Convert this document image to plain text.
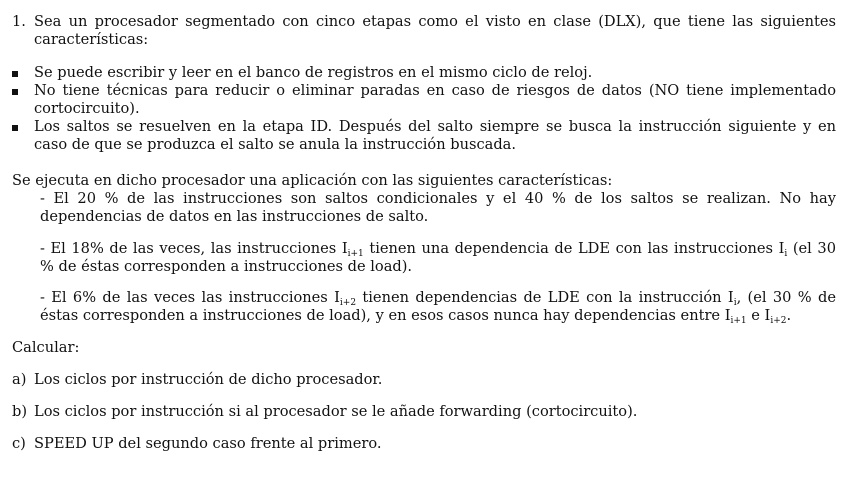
1. Sea un procesador segmentado con cinco etapas como el visto en clase (DLX), que tiene las siguientes características:
Se puede escribir y leer en el banco de registros en el mismo ciclo de reloj.
No tiene técnicas para reducir o eliminar paradas en caso de riesgos de datos (NO tiene implementado cortocircuito).
Los saltos se resuelven en la etapa ID. Después del salto siempre se busca la instrucción siguiente y en caso de que se produzca el salto se anula la instrucción buscada.
Se ejecuta en dicho procesador una aplicación con las siguientes características:
- El 20 % de las instrucciones son saltos condicionales y el 40 % de los saltos se realizan. No hay dependencias de datos en las instrucciones de salto.
- El 18% de las veces, las instrucciones $I_{i+1}$ tienen una dependencia de LDE con las instrucciones $I_i$ (el 30 % de éstas corresponden a instrucciones de load).
- El 6% de las veces las instrucciones $I_{i+2}$ tienen dependencias de LDE con la instrucción $I_i$, (el 30 % de éstas corresponden a instrucciones de load), y en esos casos nunca hay dependencias entre $I_{i+1}$ e $I_{i+2}$.
Calcular:
a) Los ciclos por instrucción de dicho procesador.
b) Los ciclos por instrucción si al procesador se le añade forwarding (cortocircuito).
c) SPEED UP del segundo caso frente al primero.
